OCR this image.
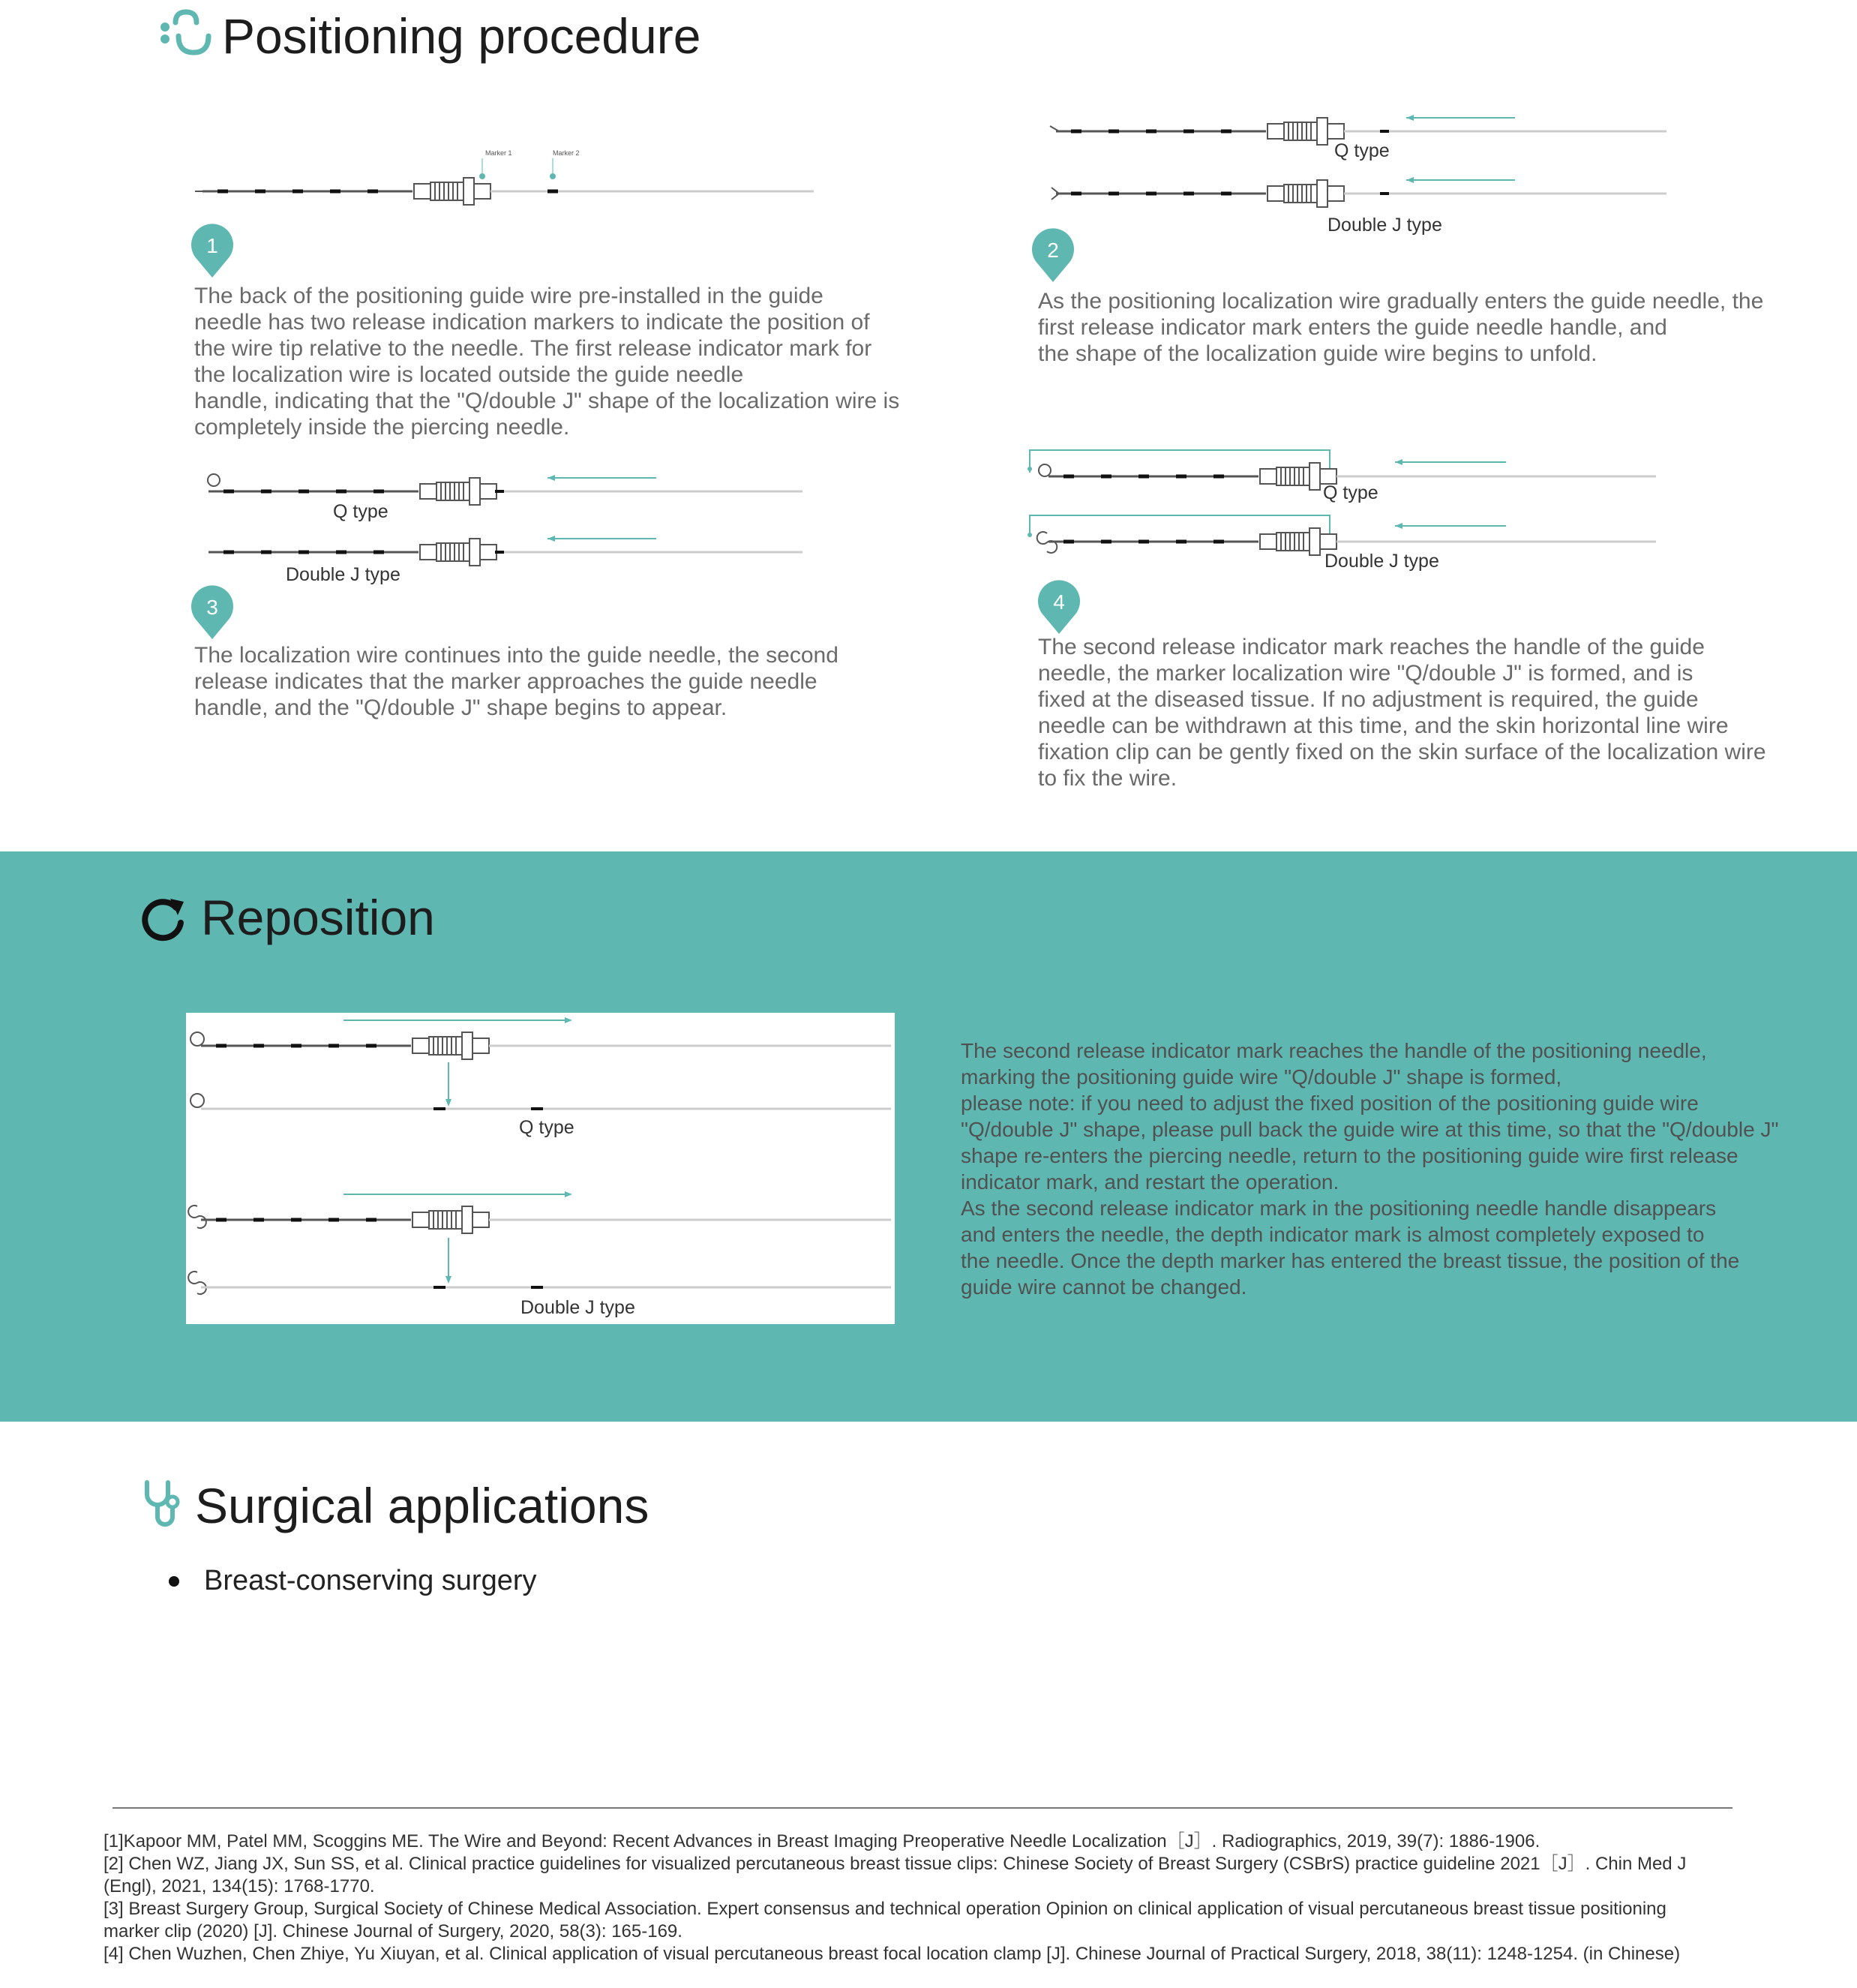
Positioning procedure
Marker 1	Marker 2
1
The back of the positioning guide wire pre-installed in the guide
needle has two release indication markers to indicate the position of
the wire tip relative to the needle. The first release indicator mark for
the localization wire is located outside the guide needle
handle, indicating that the "Q/double J" shape of the localization wire is
completely inside the piercing needle.
Q type
Double J type
3
The localization wire continues into the guide needle, the second
release indicates that the marker approaches the guide needle
handle, and the "Q/double J" shape begins to appear.
Q type
Double J type
2
As the positioning localization wire gradually enters the guide needle, the
first release indicator mark enters the guide needle handle, and
the shape of the localization guide wire begins to unfold.
Q type
Double J type
4
The second release indicator mark reaches the handle of the guide
needle, the marker localization wire "Q/double J" is formed, and is
fixed at the diseased tissue. If no adjustment is required, the guide
needle can be withdrawn at this time, and the skin horizontal line wire
fixation clip can be gently fixed on the skin surface of the localization wire
to fix the wire.
Reposition
Q type
Double J type
The second release indicator mark reaches the handle of the positioning needle,
marking the positioning guide wire "Q/double J" shape is formed,
please note: if you need to adjust the fixed position of the positioning guide wire
"Q/double J" shape, please pull back the guide wire at this time, so that the "Q/double J"
shape re-enters the piercing needle, return to the positioning guide wire first release
indicator mark, and restart the operation.
As the second release indicator mark in the positioning needle handle disappears
and enters the needle, the depth indicator mark is almost completely exposed to
the needle. Once the depth marker has entered the breast tissue, the position of the
guide wire cannot be changed.
Surgical applications
Breast-conserving surgery
[1]Kapoor MM, Patel MM, Scoggins ME. The Wire and Beyond: Recent Advances in Breast Imaging Preoperative Needle Localization［J］. Radiographics, 2019, 39(7): 1886-1906.
[2] Chen WZ, Jiang JX, Sun SS, et al. Clinical practice guidelines for visualized percutaneous breast tissue clips: Chinese Society of Breast Surgery (CSBrS) practice guideline 2021［J］. Chin Med J
(Engl), 2021, 134(15): 1768-1770.
[3] Breast Surgery Group, Surgical Society of Chinese Medical Association. Expert consensus and technical operation Opinion on clinical application of visual percutaneous breast tissue positioning
marker clip (2020) [J]. Chinese Journal of Surgery, 2020, 58(3): 165-169.
[4] Chen Wuzhen, Chen Zhiye, Yu Xiuyan, et al. Clinical application of visual percutaneous breast focal location clamp [J]. Chinese Journal of Practical Surgery, 2018, 38(11): 1248-1254. (in Chinese)
